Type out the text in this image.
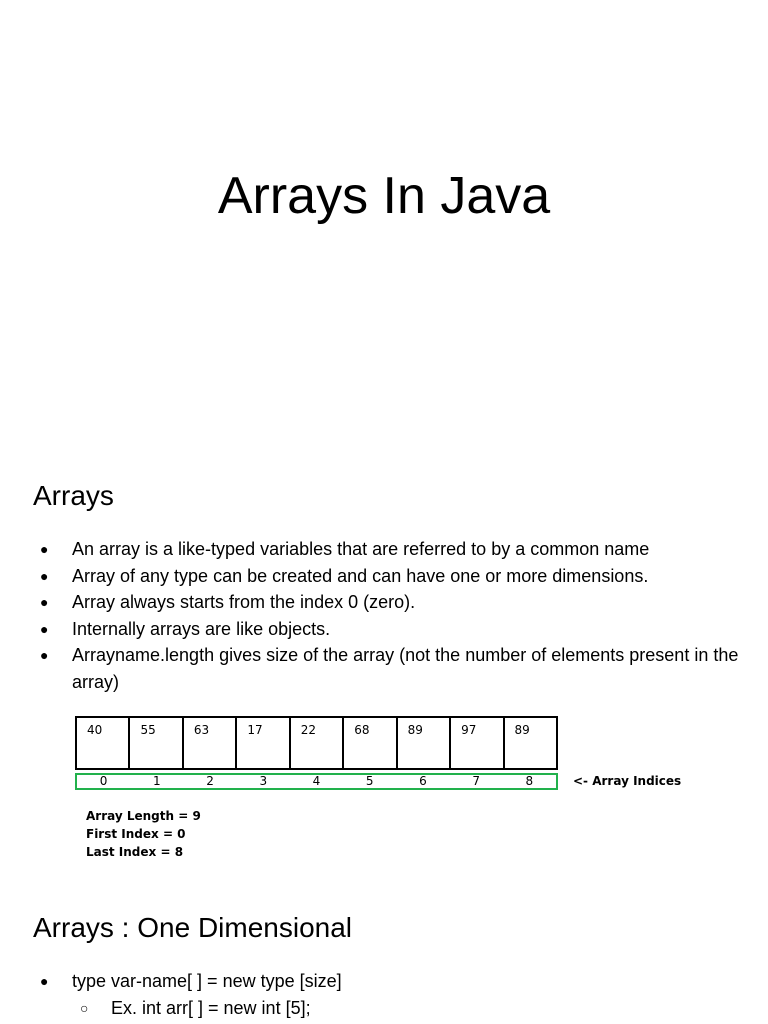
Arrays In Java
Arrays
● An array is a like-typed variables that are referred to by a common name
● Array of any type can be created and can have one or more dimensions.
● Array always starts from the index 0 (zero).
● Internally arrays are like objects.
● Arrayname.length gives size of the array (not the number of elements present in the array)
40	55	63	17	22	68	89	97	89
0	1	2	3	4	5	6	7	8	<- Array Indices
Array Length = 9
First Index = 0
Last Index = 8
Arrays : One Dimensional
● type var-name[ ] = new type [size]
○ Ex. int arr[ ] = new int [5];
